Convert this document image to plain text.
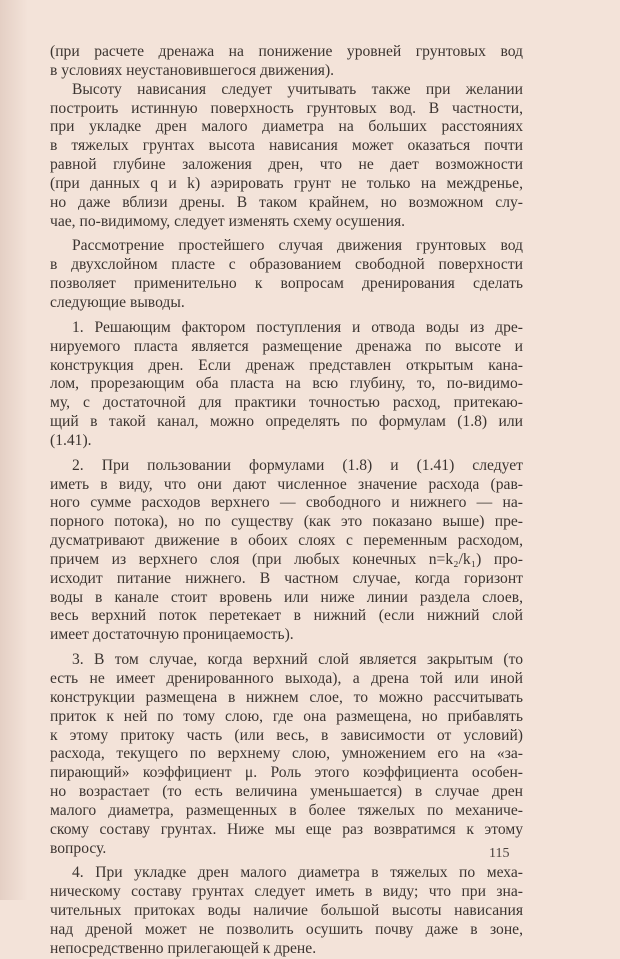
(при расчете дренажа на понижение уровней грунтовых вод
в условиях неустановившегося движения).
Высоту нависания следует учитывать также при желании
построить истинную поверхность грунтовых вод. В частности,
при укладке дрен малого диаметра на больших расстояниях
в тяжелых грунтах высота нависания может оказаться почти
равной глубине заложения дрен, что не дает возможности
(при данных q и k) аэрировать грунт не только на междренье,
но даже вблизи дрены. В таком крайнем, но возможном слу-
чае, по-видимому, следует изменять схему осушения.
Рассмотрение простейшего случая движения грунтовых вод
в двухслойном пласте с образованием свободной поверхности
позволяет применительно к вопросам дренирования сделать
следующие выводы.
1. Решающим фактором поступления и отвода воды из дре-
нируемого пласта является размещение дренажа по высоте и
конструкция дрен. Если дренаж представлен открытым кана-
лом, прорезающим оба пласта на всю глубину, то, по-видимо-
му, с достаточной для практики точностью расход, притекаю-
щий в такой канал, можно определять по формулам (1.8) или
(1.41).
2. При пользовании формулами (1.8) и (1.41) следует
иметь в виду, что они дают численное значение расхода (рав-
ного сумме расходов верхнего — свободного и нижнего — на-
порного потока), но по существу (как это показано выше) пре-
дусматривают движение в обоих слоях с переменным расходом,
причем из верхнего слоя (при любых конечных n=k₂/k₁) про-
исходит питание нижнего. В частном случае, когда горизонт
воды в канале стоит вровень или ниже линии раздела слоев,
весь верхний поток перетекает в нижний (если нижний слой
имеет достаточную проницаемость).
3. В том случае, когда верхний слой является закрытым (то
есть не имеет дренированного выхода), а дрена той или иной
конструкции размещена в нижнем слое, то можно рассчитывать
приток к ней по тому слою, где она размещена, но прибавлять
к этому притоку часть (или весь, в зависимости от условий)
расхода, текущего по верхнему слою, умножением его на «за-
пирающий» коэффициент μ. Роль этого коэффициента особен-
но возрастает (то есть величина уменьшается) в случае дрен
малого диаметра, размещенных в более тяжелых по механиче-
скому составу грунтах. Ниже мы еще раз возвратимся к этому
вопросу.
4. При укладке дрен малого диаметра в тяжелых по меха-
ническому составу грунтах следует иметь в виду; что при зна-
чительных притоках воды наличие большой высоты нависания
над дреной может не позволить осушить почву даже в зоне,
непосредственно прилегающей к дрене.
115
